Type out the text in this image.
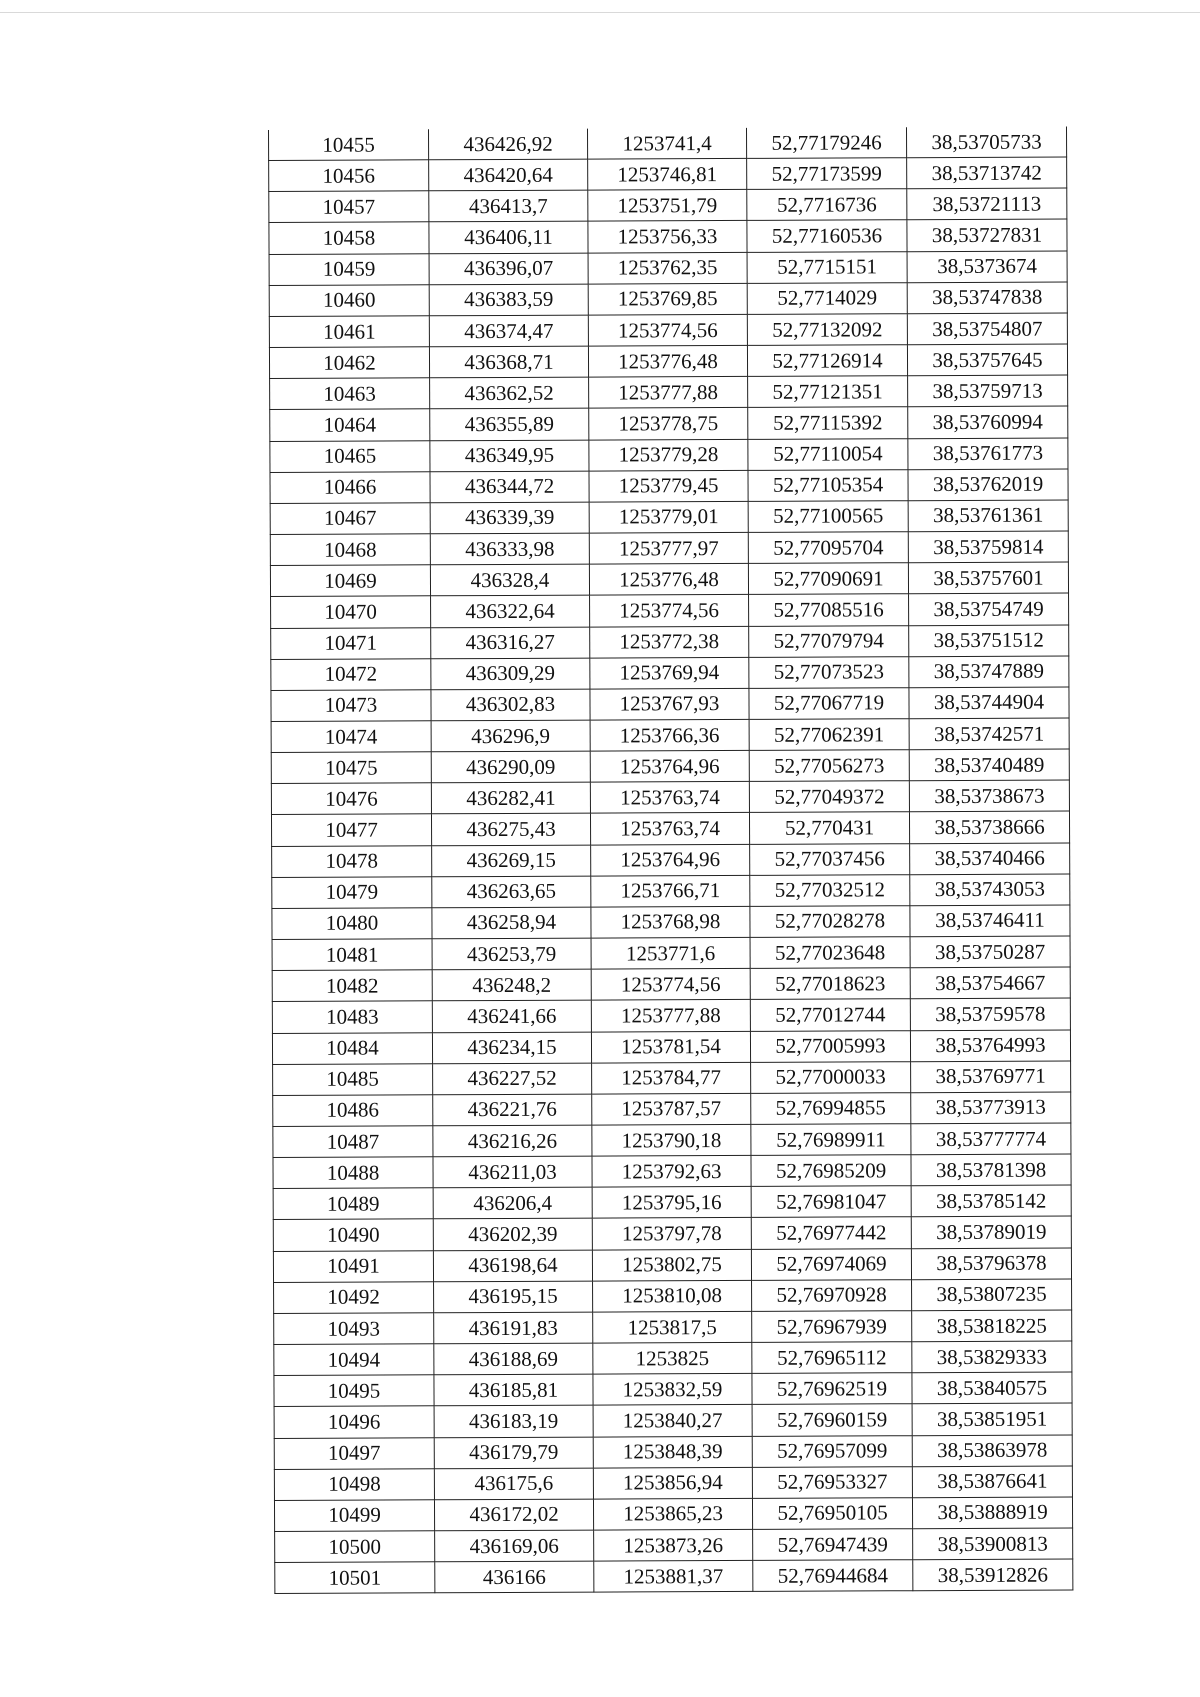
10455	436426,92	1253741,4	52,77179246	38,53705733
10456	436420,64	1253746,81	52,77173599	38,53713742
10457	436413,7	1253751,79	52,7716736	38,53721113
10458	436406,11	1253756,33	52,77160536	38,53727831
10459	436396,07	1253762,35	52,7715151	38,5373674
10460	436383,59	1253769,85	52,7714029	38,53747838
10461	436374,47	1253774,56	52,77132092	38,53754807
10462	436368,71	1253776,48	52,77126914	38,53757645
10463	436362,52	1253777,88	52,77121351	38,53759713
10464	436355,89	1253778,75	52,77115392	38,53760994
10465	436349,95	1253779,28	52,77110054	38,53761773
10466	436344,72	1253779,45	52,77105354	38,53762019
10467	436339,39	1253779,01	52,77100565	38,53761361
10468	436333,98	1253777,97	52,77095704	38,53759814
10469	436328,4	1253776,48	52,77090691	38,53757601
10470	436322,64	1253774,56	52,77085516	38,53754749
10471	436316,27	1253772,38	52,77079794	38,53751512
10472	436309,29	1253769,94	52,77073523	38,53747889
10473	436302,83	1253767,93	52,77067719	38,53744904
10474	436296,9	1253766,36	52,77062391	38,53742571
10475	436290,09	1253764,96	52,77056273	38,53740489
10476	436282,41	1253763,74	52,77049372	38,53738673
10477	436275,43	1253763,74	52,770431	38,53738666
10478	436269,15	1253764,96	52,77037456	38,53740466
10479	436263,65	1253766,71	52,77032512	38,53743053
10480	436258,94	1253768,98	52,77028278	38,53746411
10481	436253,79	1253771,6	52,77023648	38,53750287
10482	436248,2	1253774,56	52,77018623	38,53754667
10483	436241,66	1253777,88	52,77012744	38,53759578
10484	436234,15	1253781,54	52,77005993	38,53764993
10485	436227,52	1253784,77	52,77000033	38,53769771
10486	436221,76	1253787,57	52,76994855	38,53773913
10487	436216,26	1253790,18	52,76989911	38,53777774
10488	436211,03	1253792,63	52,76985209	38,53781398
10489	436206,4	1253795,16	52,76981047	38,53785142
10490	436202,39	1253797,78	52,76977442	38,53789019
10491	436198,64	1253802,75	52,76974069	38,53796378
10492	436195,15	1253810,08	52,76970928	38,53807235
10493	436191,83	1253817,5	52,76967939	38,53818225
10494	436188,69	1253825	52,76965112	38,53829333
10495	436185,81	1253832,59	52,76962519	38,53840575
10496	436183,19	1253840,27	52,76960159	38,53851951
10497	436179,79	1253848,39	52,76957099	38,53863978
10498	436175,6	1253856,94	52,76953327	38,53876641
10499	436172,02	1253865,23	52,76950105	38,53888919
10500	436169,06	1253873,26	52,76947439	38,53900813
10501	436166	1253881,37	52,76944684	38,53912826
